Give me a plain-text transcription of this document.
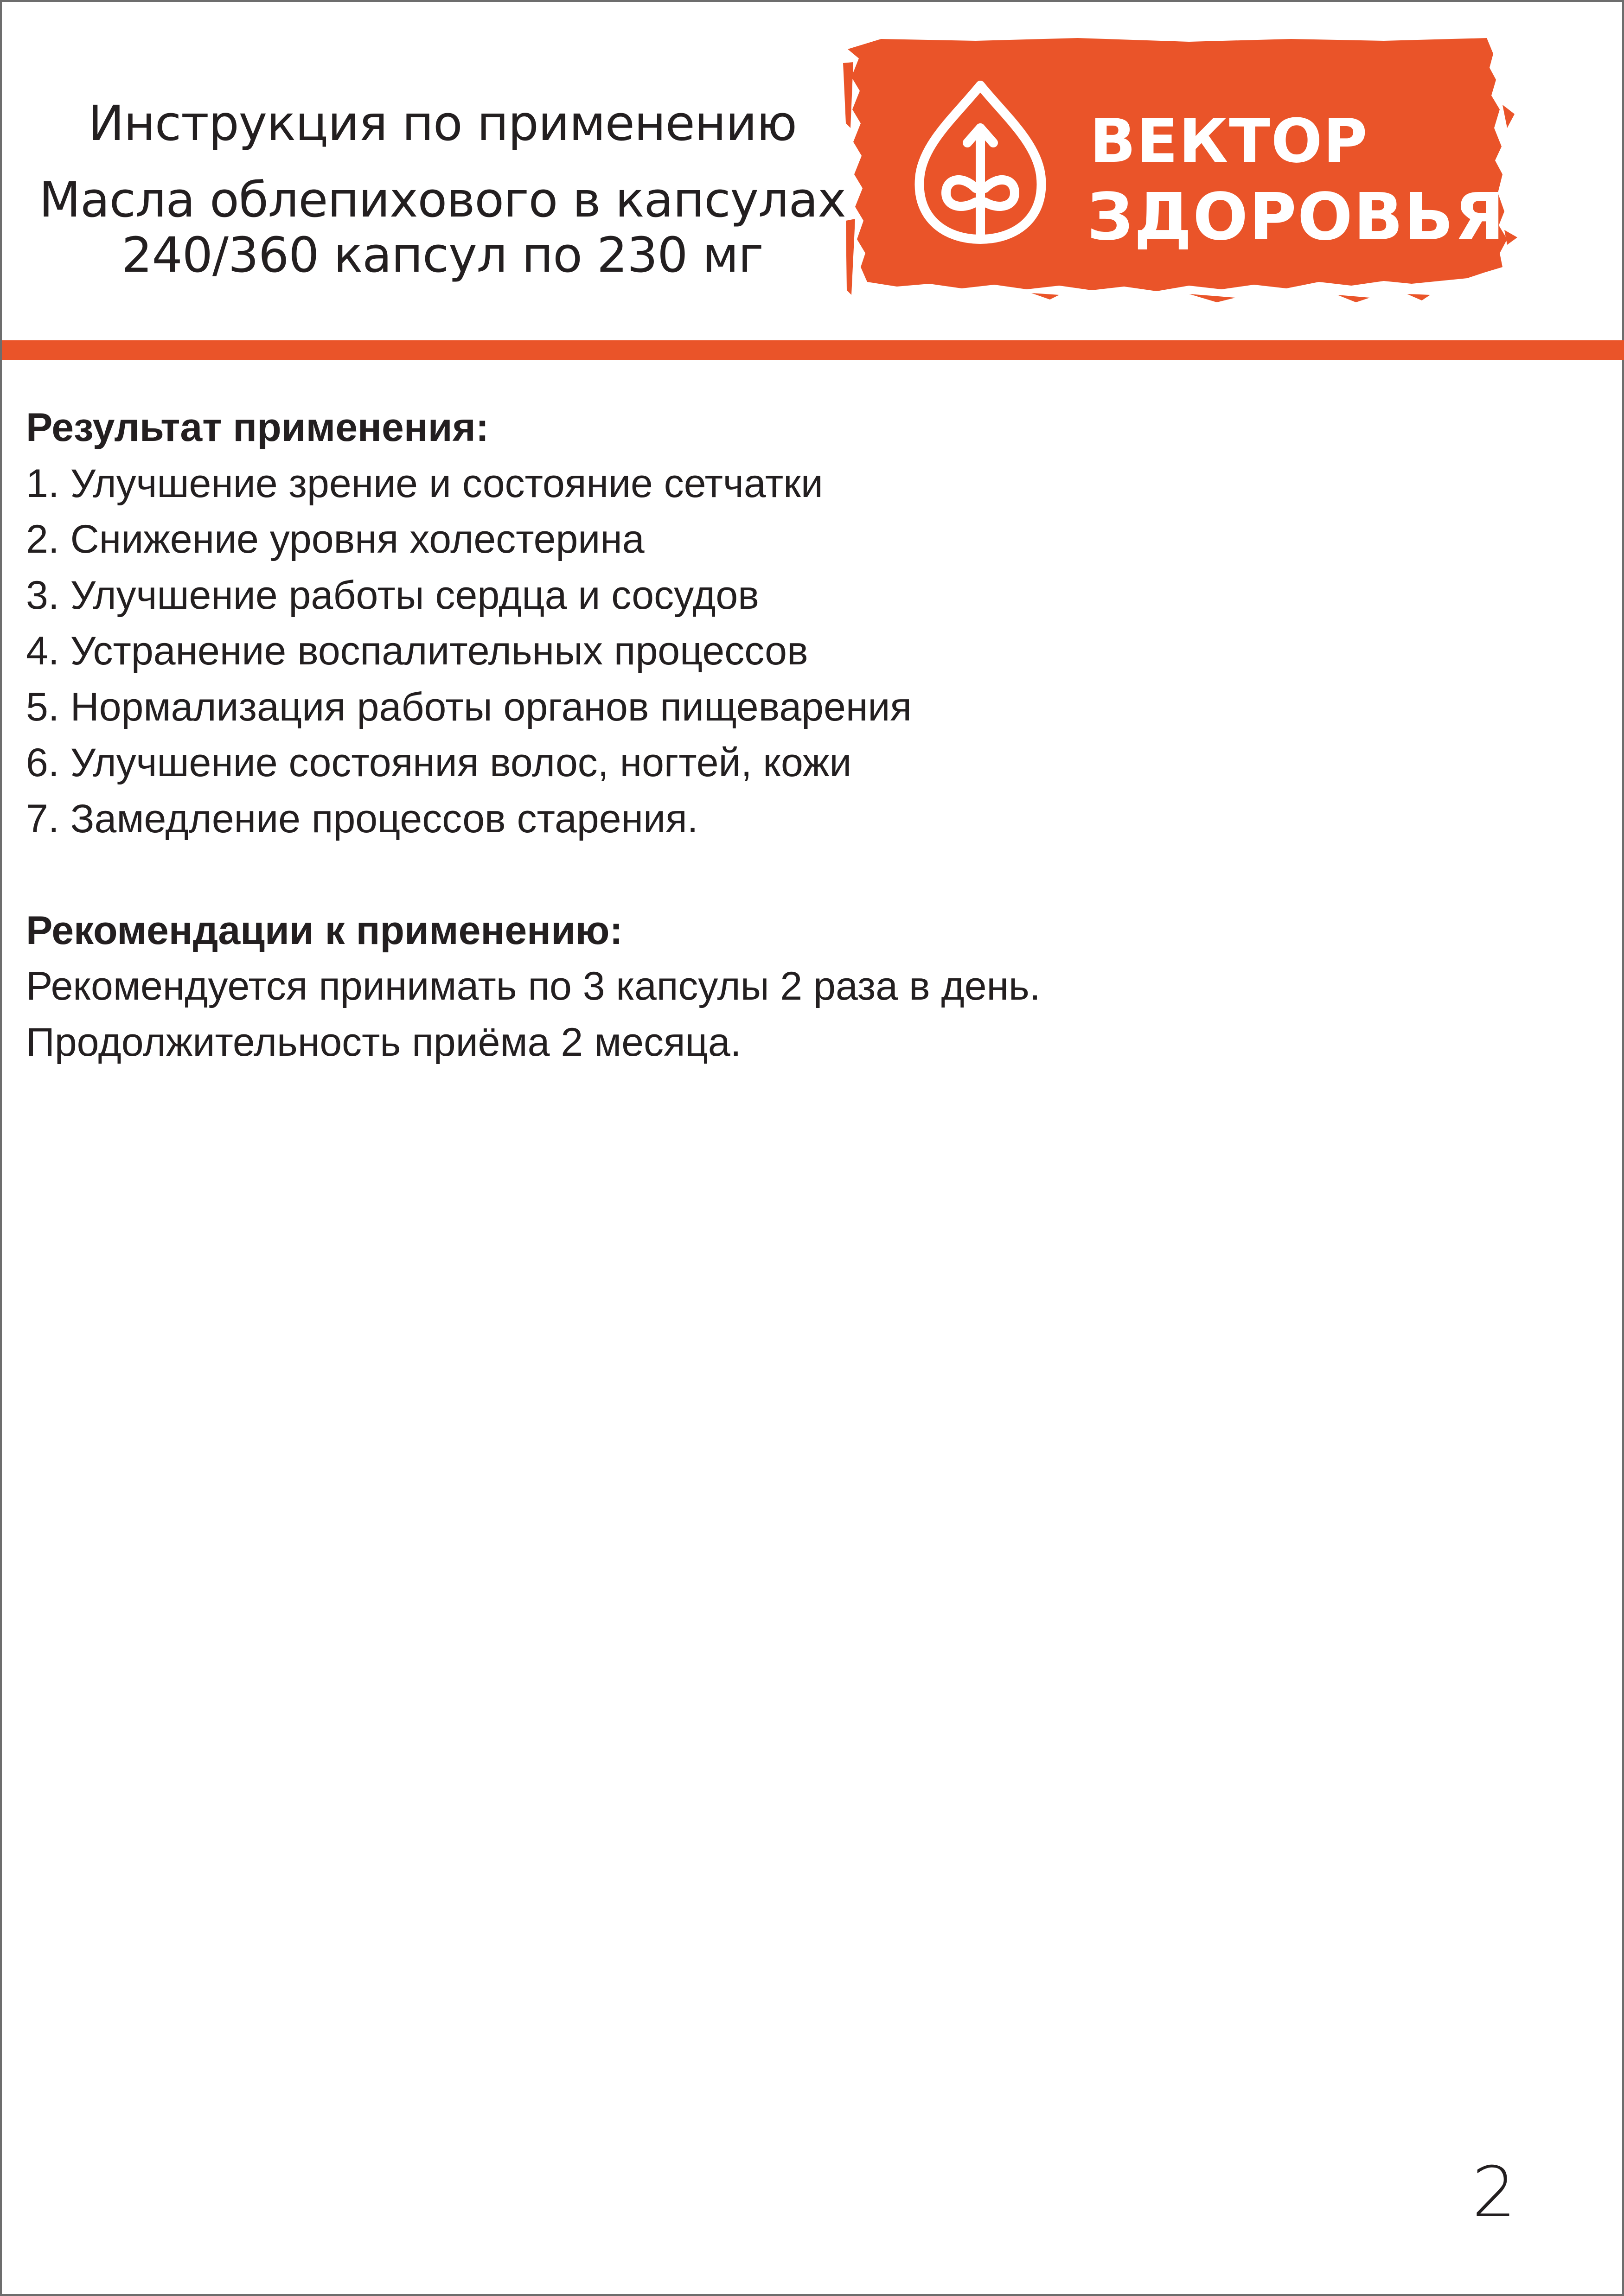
Инструкция по применению
Масла облепихового в капсулах
240/360 капсул по 230 мг
ВЕКТОР
ЗДОРОВЬЯ

Результат применения:

1. Улучшение зрение и состояние сетчатки
2. Снижение уровня холестерина
3. Улучшение работы сердца и сосудов
4. Устранение воспалительных процессов
5. Нормализация работы органов пищеварения
6. Улучшение состояния волос, ногтей, кожи
7. Замедление процессов старения.

Рекомендации к применению:

Рекомендуется принимать по 3 капсулы 2 раза в день.

Продолжительность приёма 2 месяца.

2
